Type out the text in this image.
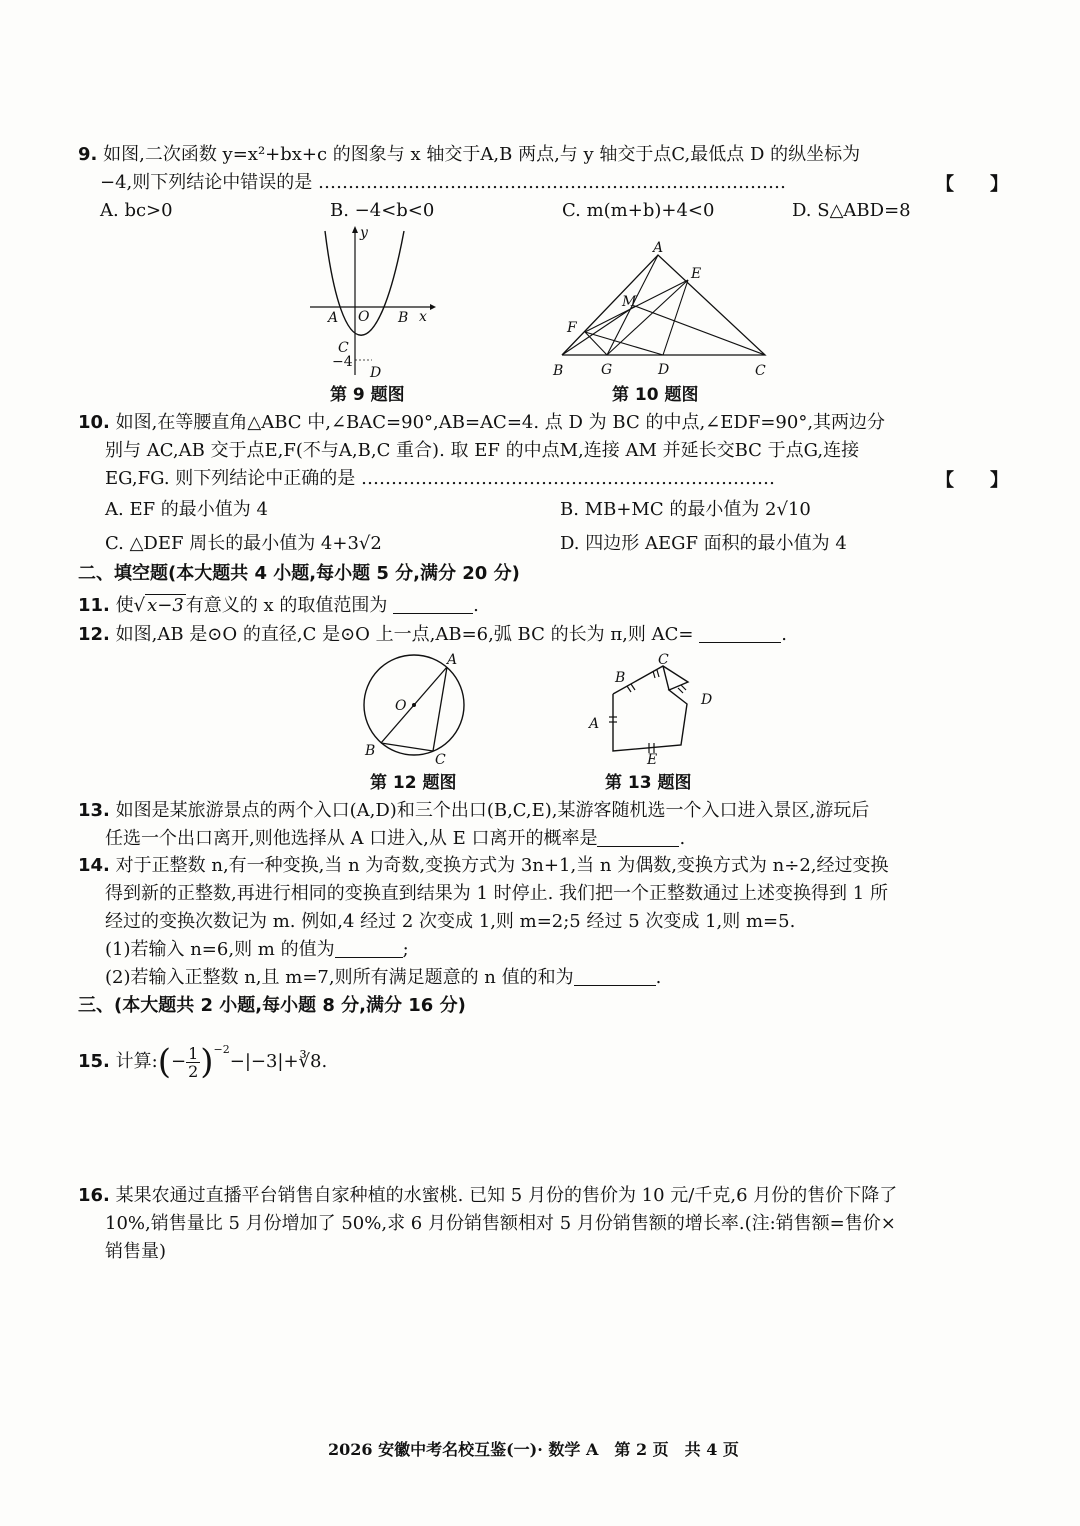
9. 如图,二次函数 y=x²+bx+c 的图象与 x 轴交于A,B 两点,与 y 轴交于点C,最低点 D 的纵坐标为
−4,则下列结论中错误的是 ……………………………………………………………………	【　　】
A. bc>0	B. −4<b<0	C. m(m+b)+4<0	D. S△ABD=8
y
x
A O B
C
−4
D
第 9 题图
A
E
M
F
B	G	D	C
第 10 题图
10. 如图,在等腰直角△ABC 中,∠BAC=90°,AB=AC=4. 点 D 为 BC 的中点,∠EDF=90°,其两边分
别与 AC,AB 交于点E,F(不与A,B,C 重合). 取 EF 的中点M,连接 AM 并延长交BC 于点G,连接
EG,FG. 则下列结论中正确的是 ……………………………………………………………	【　　】
A. EF 的最小值为 4	B. MB+MC 的最小值为 2√10
C. △DEF 周长的最小值为 4+3√2	D. 四边形 AEGF 面积的最小值为 4
二、填空题(本大题共 4 小题,每小题 5 分,满分 20 分)
11. 使√ x−3 有意义的 x 的取值范围为	.
12. 如图,AB 是⊙O 的直径,C 是⊙O 上一点,AB=6,弧 BC 的长为 π,则 AC=	.
A
O
B
C
第 12 题图
A
B
C
D
E
第 13 题图
13. 如图是某旅游景点的两个入口(A,D)和三个出口(B,C,E),某游客随机选一个入口进入景区,游玩后
任选一个出口离开,则他选择从 A 口进入,从 E 口离开的概率是	.
14. 对于正整数 n,有一种变换,当 n 为奇数,变换方式为 3n+1,当 n 为偶数,变换方式为 n÷2,经过变换
得到新的正整数,再进行相同的变换直到结果为 1 时停止. 我们把一个正整数通过上述变换得到 1 所
经过的变换次数记为 m. 例如,4 经过 2 次变成 1,则 m=2;5 经过 5 次变成 1,则 m=5.
(1)若输入 n=6,则 m 的值为	;
(2)若输入正整数 n,且 m=7,则所有满足题意的 n 值的和为	.
三、(本大题共 2 小题,每小题 8 分,满分 16 分)
15. 计算:(− $\frac{1}{2}$ )$^{-2}$−|−3|+∛8.
16. 某果农通过直播平台销售自家种植的水蜜桃. 已知 5 月份的售价为 10 元/千克,6 月份的售价下降了
10%,销售量比 5 月份增加了 50%,求 6 月份销售额相对 5 月份销售额的增长率.(注:销售额=售价×
销售量)
2026 安徽中考名校互鉴(一)· 数学 A　第 2 页　共 4 页
